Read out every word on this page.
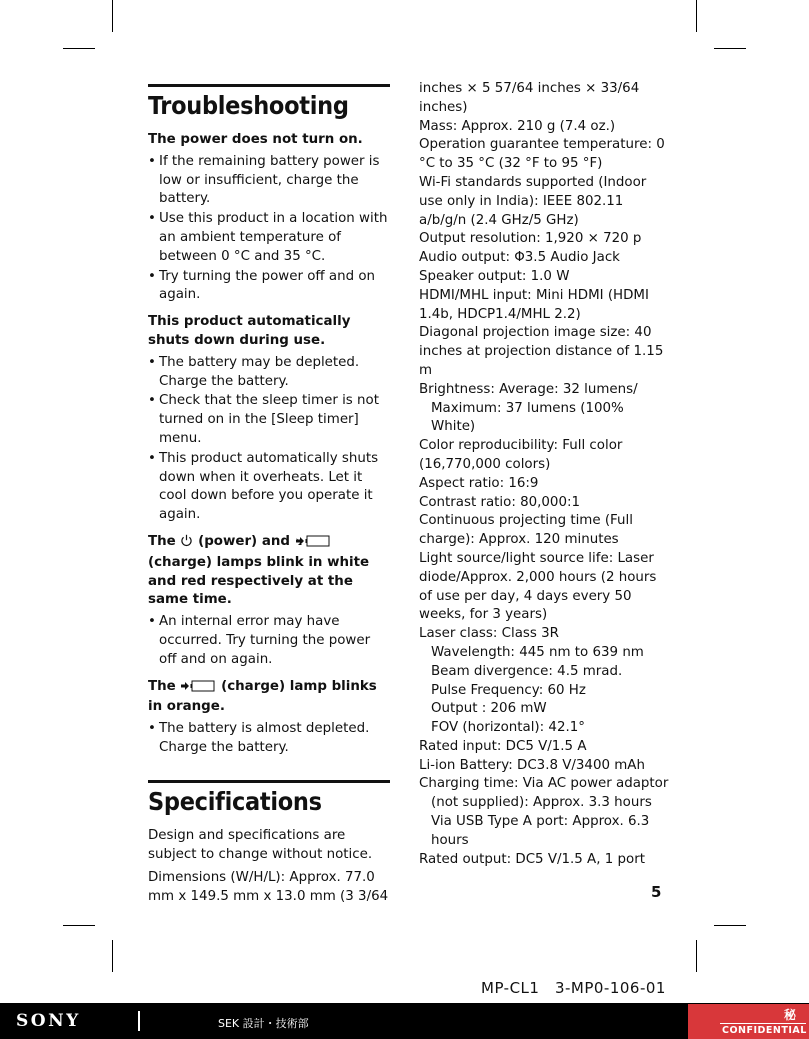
Troubleshooting
The power does not turn on.
• If the remaining battery power is low or insufficient, charge the battery.
• Use this product in a location with an ambient temperature of between 0 °C and 35 °C.
• Try turning the power off and on again.
This product automatically shuts down during use.
• The battery may be depleted. Charge the battery.
• Check that the sleep timer is not turned on in the [Sleep timer] menu.
• This product automatically shuts down when it overheats. Let it cool down before you operate it again.
The  (power) and  (charge) lamps blink in white and red respectively at the same time.
• An internal error may have occurred. Try turning the power off and on again.
The	(charge) lamp blinks in orange.
• The battery is almost depleted. Charge the battery.
Specifications

Design and specifications are subject to change without notice.

Dimensions (W/H/L): Approx. 77.0 mm x 149.5 mm x 13.0 mm (3 3/64

inches × 5 57/64 inches × 33/64 inches)
Mass: Approx. 210 g (7.4 oz.)
Operation guarantee temperature: 0 °C to 35 °C (32 °F to 95 °F)
Wi-Fi standards supported (Indoor use only in India): IEEE 802.11 a/b/g/n (2.4 GHz/5 GHz)
Output resolution: 1,920 × 720 p
Audio output: Φ3.5 Audio Jack
Speaker output: 1.0 W
HDMI/MHL input: Mini HDMI (HDMI 1.4b, HDCP1.4/MHL 2.2)
Diagonal projection image size: 40 inches at projection distance of 1.15 m
Brightness: Average: 32 lumens/ Maximum: 37 lumens (100% White)
Color reproducibility: Full color (16,770,000 colors)
Aspect ratio: 16:9
Contrast ratio: 80,000:1
Continuous projecting time (Full charge): Approx. 120 minutes
Light source/light source life: Laser diode/Approx. 2,000 hours (2 hours of use per day, 4 days every 50 weeks, for 3 years)
Laser class: Class 3R
Wavelength: 445 nm to 639 nm
Beam divergence: 4.5 mrad.
Pulse Frequency: 60 Hz
Output : 206 mW
FOV (horizontal): 42.1°
Rated input: DC5 V/1.5 A
Li-ion Battery: DC3.8 V/3400 mAh
Charging time: Via AC power adaptor (not supplied): Approx. 3.3 hours
Via USB Type A port: Approx. 6.3 hours
Rated output: DC5 V/1.5 A, 1 port
5
MP-CL1　3-MP0-106-01
SONY	SEK 設計・技術部
秘
CONFIDENTIAL
